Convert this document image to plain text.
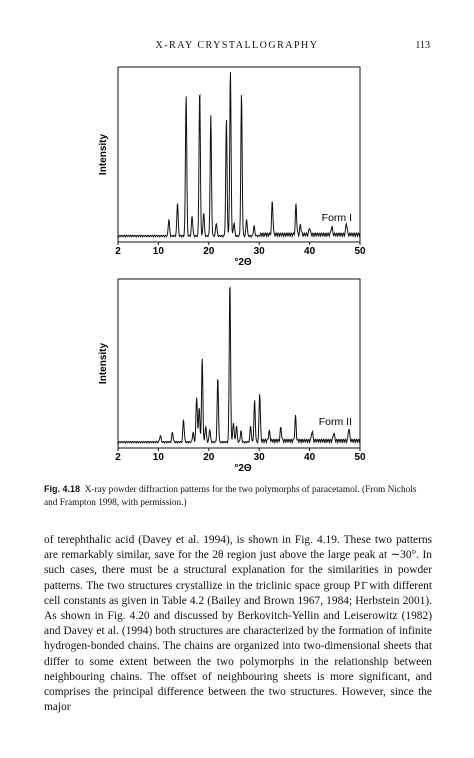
X-RAY CRYSTALLOGRAPHY	113
2	10	20	30	40	50
°2Θ
Intensity
Form I
2	10	20	30	40	50
°2Θ
Intensity
Form II
Fig. 4.18 X-ray powder diffraction patterns for the two polymorphs of paracetamol. (From Nichols and Frampton 1998, with permission.)

of terephthalic acid (Davey et al. 1994), is shown in Fig. 4.19. These two patterns are remarkably similar, save for the 2θ region just above the large peak at ∼30°. In such cases, there must be a structural explanation for the similarities in powder patterns. The two structures crystallize in the triclinic space group P1̄ with different cell constants as given in Table 4.2 (Bailey and Brown 1967, 1984; Herbstein 2001). As shown in Fig. 4.20 and discussed by Berkovitch-Yellin and Leiserowitz (1982) and Davey et al. (1994) both structures are characterized by the formation of infinite hydrogen-bonded chains. The chains are organized into two-dimensional sheets that differ to some extent between the two polymorphs in the relationship between neighbouring chains. The offset of neighbouring sheets is more significant, and comprises the principal difference between the two structures. However, since the major
